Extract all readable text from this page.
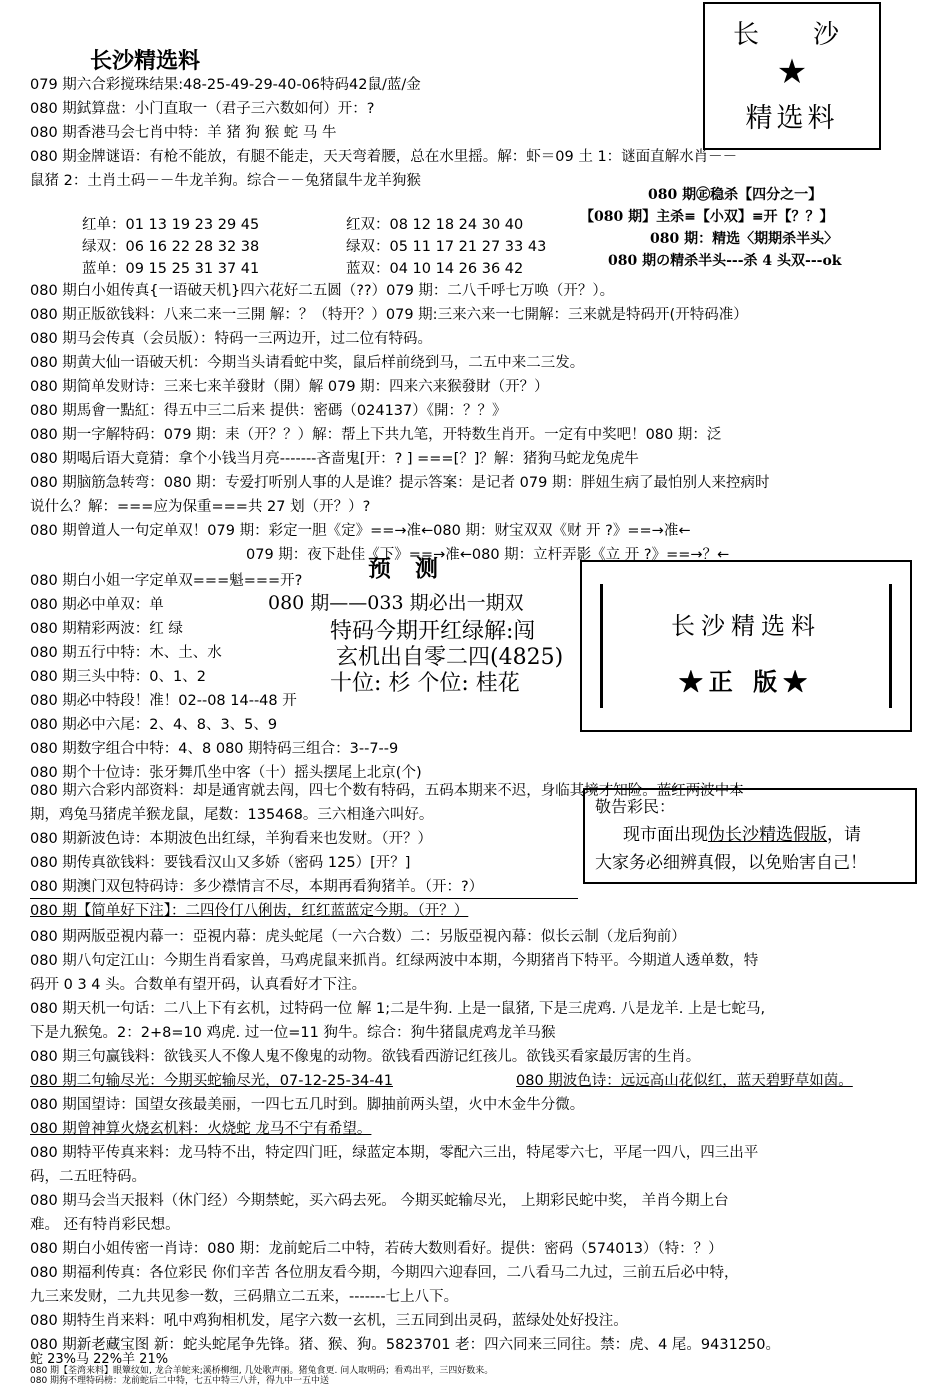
长沙精选料
长 沙
★
精选料
079 期六合彩搅珠结果:48-25-49-29-40-06特码42鼠/蓝/金
080 期鉽算盘：小门直取一（君子三六数如何）开：?
080 期香港马会七肖中特：羊 猪 狗 猴 蛇 马 牛
080 期金牌谜语：有枪不能放，有腿不能走，天天弯着腰，总在水里摇。解：虾＝09 土 1：谜面直解水肖－－
鼠猪 2：土肖土码－－牛龙羊狗。综合－－兔猪鼠牛龙羊狗猴
080 期㊣稳杀【四分之一】
【080 期】主杀≡【小双】≡开【？？】
080 期：精选〈期期杀半头〉
080 期の精杀半头---杀 4 头双---ok
红单：01 13 19 23 29 45	红双：08 12 18 24 30 40
绿双：06 16 22 28 32 38	绿双：05 11 17 21 27 33 43
蓝单：09 15 25 31 37 41	蓝双：04 10 14 26 36 42
080 期白小姐传真{一语破天机}四六花好二五圆（??）079 期：二八千呼七万唤（开？）。
080 期正版欲钱料：八来二来一三開 解：？（特开？）079 期:三来六来一七開解：三来就是特码开(开特码准）
080 期马会传真（会员版）：特码一三两边开，过二位有特码。
080 期黄大仙一语破天机：今期当头请看蛇中奖，鼠后样前绕到马，二五中来二三发。
080 期简单发财诗：三来七来羊發財（開）解 079 期：四来六来猴發財（开？）
080 期馬會一點紅：得五中三二后来 提供：密碼（024137）《開：？？》
080 期一字解特码：079 期：耒（开？？）解：帮上下共九笔，开特数生肖开。一定有中奖吧！080 期：泛
080 期喝后语大竟猜：拿个小钱当月亮-------吝啬鬼[开：? ] ===[？]？解：猪狗马蛇龙兔虎牛
080 期脑筋急转弯：080 期：专爱打听别人事的人是谁？提示答案：是记者 079 期：胖妞生病了最怕别人来控病时
说什么？解：===应为保重===共 27 划（开？）?
080 期曾道人一句定单双！079 期：彩定一胆《定》==→准←080 期：财宝双双《财 开 ?》==→准←
079 期：夜下赴佳《下》==→准←080 期：立杆弄影《立 开 ?》==→？←
080 期白小姐一字定单双===魁===开?
080 期必中单双：单
080 期精彩两波：红 绿
080 期五行中特：木、土、水
080 期三头中特：0、1、2
080 期必中特段！准！02--08 14--48 开
080 期必中六尾：2、4、8、3、5、9
080 期数字组合中特：4、8 080 期特码三组合：3--7--9
080 期个十位诗：张牙舞爪坐中客（十）摇头摆尾上北京(个)
预 测
080 期——033 期必出一期双
特码今期开红绿解:闯
玄机出自零二四(4825)
十位: 杉 个位: 桂花
长沙精选料
★正 版★
080 期六合彩内部资料：却是通宵就去闯，四七个数有特码，五码本期来不迟，身临其境才知险。蓝红两波中本
期，鸡兔马猪虎羊猴龙鼠，尾数：135468。三六相逢六叫好。
080 期新波色诗：本期波色出红绿，羊狗看来也发财。（开？）
080 期传真欲钱料：要钱看汉山又多娇（密码 125）[开？]
080 期澳门双包特码诗：多少襟情言不尽，本期再看狗猪羊。（开：?）
敬告彩民：
现市面出现伪长沙精选假版，请
大家务必细辨真假，以免贻害自己！
080 期【简单好下注】：二四伶仃八俐齿，红红蓝蓝定今期。（开？）
080 期两版亞視内幕一：亞視内幕：虎头蛇尾（一六合数）二：另版亞視內幕：似长云制（龙后狗前）
080 期八句定江山：今期生肖看家兽，马鸡虎鼠来抓肖。红绿两波中本期，今期猪肖下特平。今期道人透单数，特
码开 0 3 4 头。合数单有望开码，认真看好才下注。
080 期天机一句话：二八上下有玄机，过特码一位 解 1;二是牛狗. 上是一鼠猪, 下是三虎鸡. 八是龙羊. 上是七蛇马,
下是九猴兔。2：2+8=10 鸡虎. 过一位=11 狗牛。综合：狗牛猪鼠虎鸡龙羊马猴
080 期三句赢钱料：欲钱买人不像人鬼不像鬼的动物。欲钱看西游记红孩儿。欲钱买看家最厉害的生肖。
080 期二句输尽光：今期买蛇输尽光，07-12-25-34-41	080 期波色诗：远远高山花似红，蓝天碧野草如茵。
080 期国望诗：国望女孩最美丽，一四七五几时到。脚抽前两头望，火中木金牛分微。
080 期曾神算火烧玄机料：火烧蛇 龙马不宁有希望。
080 期特平传真来料：龙马特不出，特定四门旺，绿蓝定本期，零配六三出，特尾零六七，平尾一四八，四三出平
码，二五旺特码。
080 期马会当天报料（休门经）今期禁蛇，买六码去死。 今期买蛇输尽光， 上期彩民蛇中奖， 羊肖今期上台
难。 还有特肖彩民想。
080 期白小姐传密一肖诗：080 期：龙前蛇后二中特，若砖大数则看好。提供：密码（574013）（特：？）
080 期福利传真：各位彩民 你们辛苦 各位朋友看今期，今期四六迎春回，二八看马二九过，三前五后必中特，
九三来发财，二九共见参一数，三码鼎立二五来，-------七上八下。
080 期特生肖来料：吼中鸡狗相机发，尾字六数一玄机，三五同到出灵码，蓝绿处处好投注。
080 期新老藏宝图 新：蛇头蛇尾争先锋。猪、猴、狗。5823701 老：四六同来三同往。禁：虎、4 尾。9431250。
蛇 23%马 22%羊 21%
080 期【荃湾来料】眼簟纹如, 龙合羊蛇来;溪桥柳细, 几处歌声丽。猪兔食更. 问人取明码；看鸡出平，三四好数来。
080 期狗不理特码榜：龙前蛇后二中特，七五中特三八并，得九中一五中送
